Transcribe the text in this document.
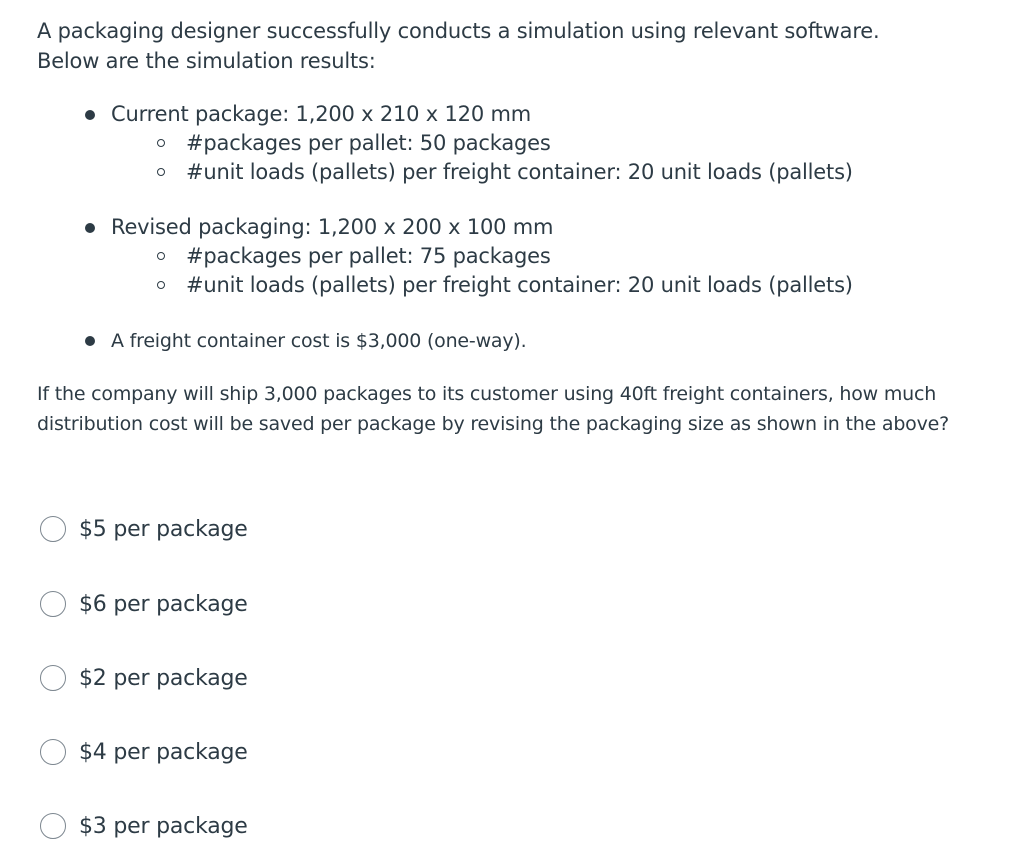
A packaging designer successfully conducts a simulation using relevant software.

Below are the simulation results:

Current package: 1,200 x 210 x 120 mm
#packages per pallet: 50 packages
#unit loads (pallets) per freight container: 20 unit loads (pallets)
Revised packaging: 1,200 x 200 x 100 mm
#packages per pallet: 75 packages
#unit loads (pallets) per freight container: 20 unit loads (pallets)
A freight container cost is $3,000 (one-way).

If the company will ship 3,000 packages to its customer using 40ft freight containers, how much distribution cost will be saved per package by revising the packaging size as shown in the above?

$5 per package
$6 per package
$2 per package
$4 per package
$3 per package
